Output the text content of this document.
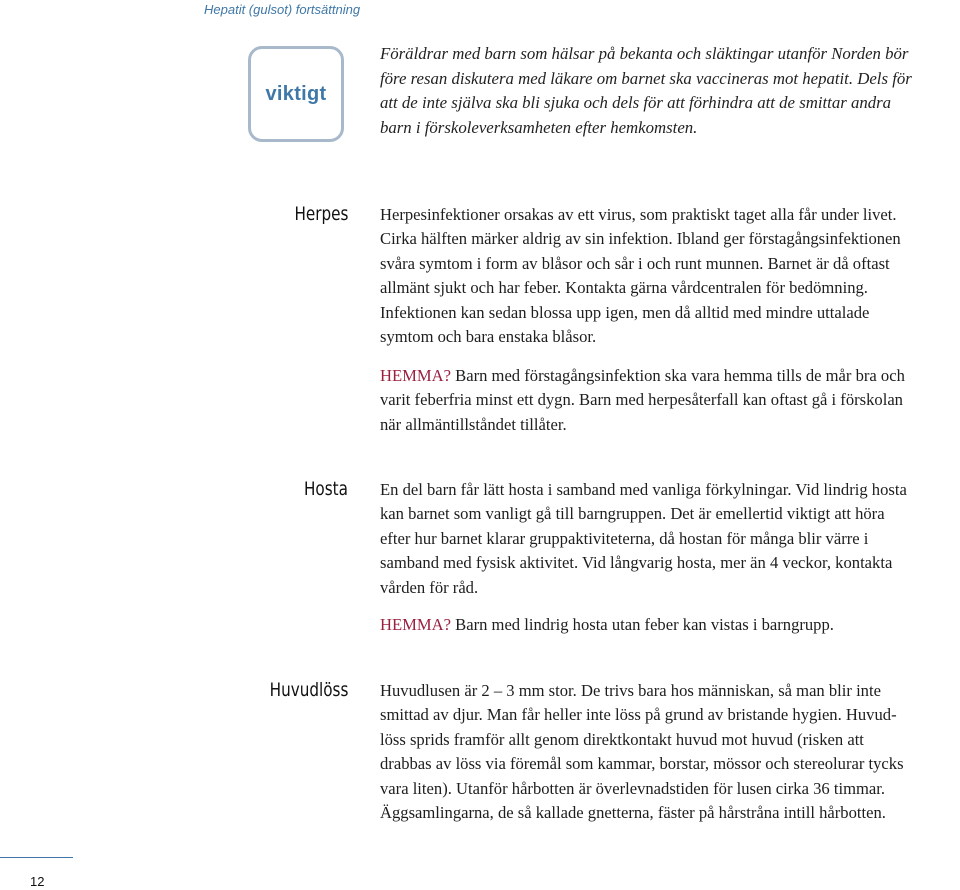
Hepatit (gulsot) fortsättning
viktigt

Föräldrar med barn som hälsar på bekanta och släktingar utanför Norden bör
före resan diskutera med läkare om barnet ska vaccineras mot hepatit. Dels för
att de inte själva ska bli sjuka och dels för att förhindra att de smittar andra
barn i förskoleverksamheten efter hemkomsten.

Herpes Herpesinfektioner orsakas av ett virus, som praktiskt taget alla får under livet.
Cirka hälften märker aldrig av sin infektion. Ibland ger förstagångsinfektionen
svåra symtom i form av blåsor och sår i och runt munnen. Barnet är då oftast
allmänt sjukt och har feber. Kontakta gärna vårdcentralen för bedömning.
Infektionen kan sedan blossa upp igen, men då alltid med mindre uttalade
symtom och bara enstaka blåsor.

HEMMA? Barn med förstagångsinfektion ska vara hemma tills de mår bra och
varit feberfria minst ett dygn. Barn med herpesåterfall kan oftast gå i förskolan
när allmäntillståndet tillåter.

Hosta En del barn får lätt hosta i samband med vanliga förkylningar. Vid lindrig hosta
kan barnet som vanligt gå till barngruppen. Det är emellertid viktigt att höra
efter hur barnet klarar gruppaktiviteterna, då hostan för många blir värre i
samband med fysisk aktivitet. Vid långvarig hosta, mer än 4 veckor, kontakta
vården för råd.

HEMMA? Barn med lindrig hosta utan feber kan vistas i barngrupp.

Huvudlöss Huvudlusen är 2 – 3 mm stor. De trivs bara hos människan, så man blir inte
smittad av djur. Man får heller inte löss på grund av bristande hygien. Huvud-
löss sprids framför allt genom direktkontakt huvud mot huvud (risken att
drabbas av löss via föremål som kammar, borstar, mössor och stereolurar tycks
vara liten). Utanför hårbotten är överlevnadstiden för lusen cirka 36 timmar.
Äggsamlingarna, de så kallade gnetterna, fäster på hårstråna intill hårbotten.

12
